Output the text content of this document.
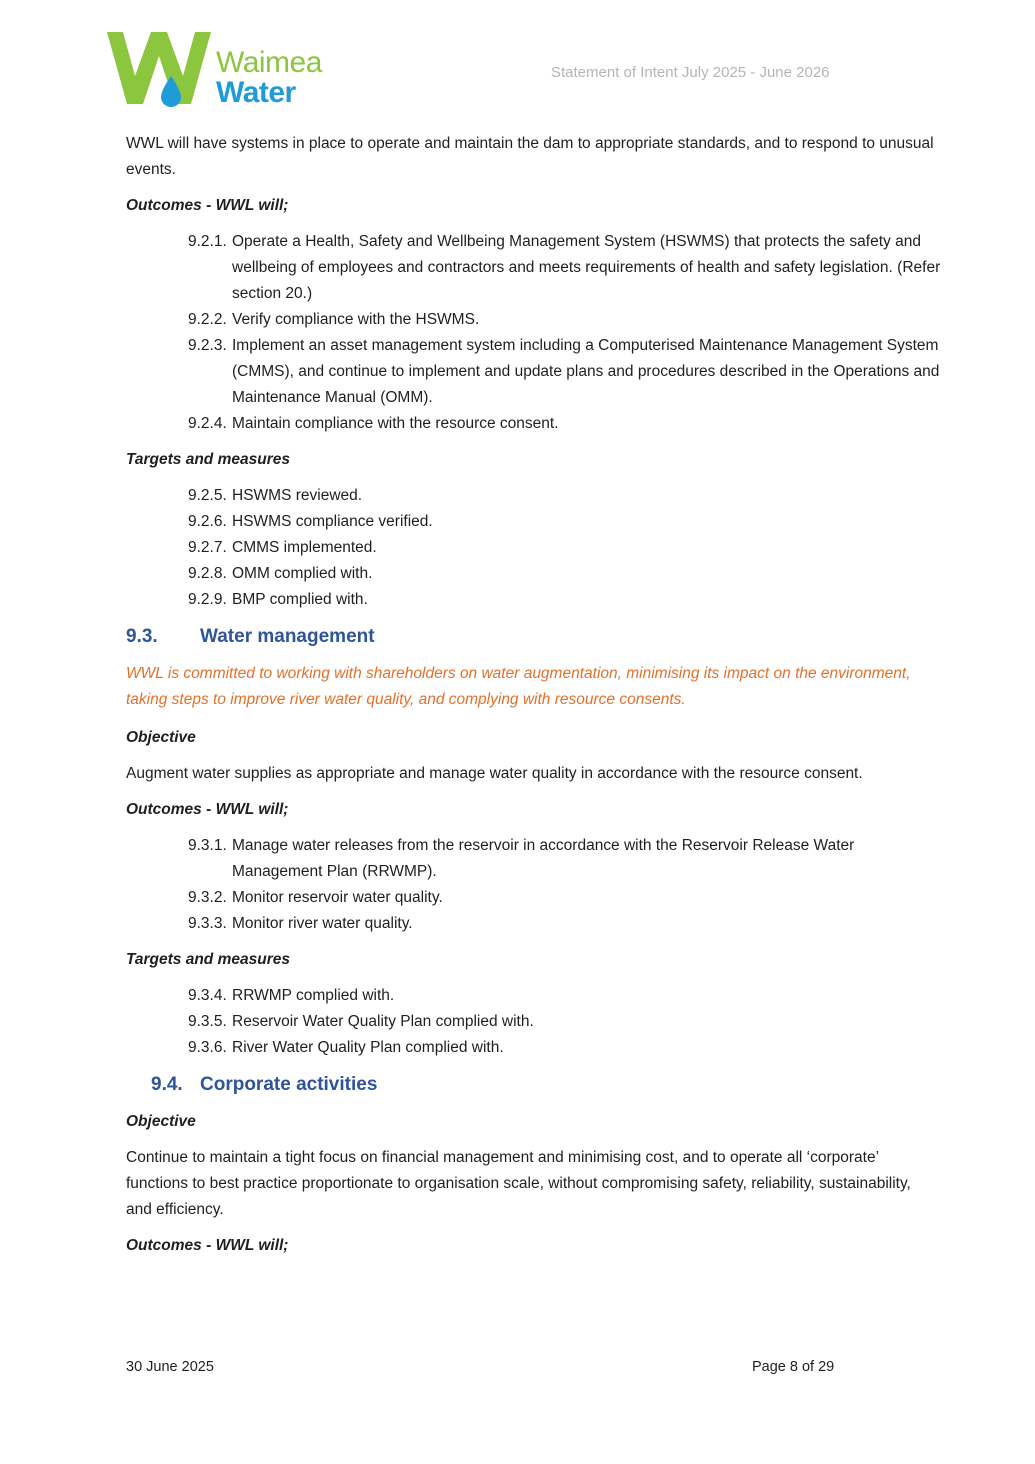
Waimea
Water
Statement of Intent July 2025 - June 2026

WWL will have systems in place to operate and maintain the dam to appropriate standards, and to respond to unusual events.

Outcomes - WWL will;
9.2.1. Operate a Health, Safety and Wellbeing Management System (HSWMS) that protects the safety and wellbeing of employees and contractors and meets requirements of health and safety legislation. (Refer section 20.)
9.2.2. Verify compliance with the HSWMS.
9.2.3. Implement an asset management system including a Computerised Maintenance Management System (CMMS), and continue to implement and update plans and procedures described in the Operations and Maintenance Manual (OMM).
9.2.4. Maintain compliance with the resource consent.
Targets and measures
9.2.5. HSWMS reviewed.
9.2.6. HSWMS compliance verified.
9.2.7. CMMS implemented.
9.2.8. OMM complied with.
9.2.9. BMP complied with.
9.3.	Water management

WWL is committed to working with shareholders on water augmentation, minimising its impact on the environment, taking steps to improve river water quality, and complying with resource consents.

Objective

Augment water supplies as appropriate and manage water quality in accordance with the resource consent.

Outcomes - WWL will;
9.3.1. Manage water releases from the reservoir in accordance with the Reservoir Release Water Management Plan (RRWMP).
9.3.2. Monitor reservoir water quality.
9.3.3. Monitor river water quality.
Targets and measures
9.3.4. RRWMP complied with.
9.3.5. Reservoir Water Quality Plan complied with.
9.3.6. River Water Quality Plan complied with.
9.4. Corporate activities
Objective

Continue to maintain a tight focus on financial management and minimising cost, and to operate all ‘corporate’ functions to best practice proportionate to organisation scale, without compromising safety, reliability, sustainability, and efficiency.

Outcomes - WWL will;
30 June 2025	Page 8 of 29
